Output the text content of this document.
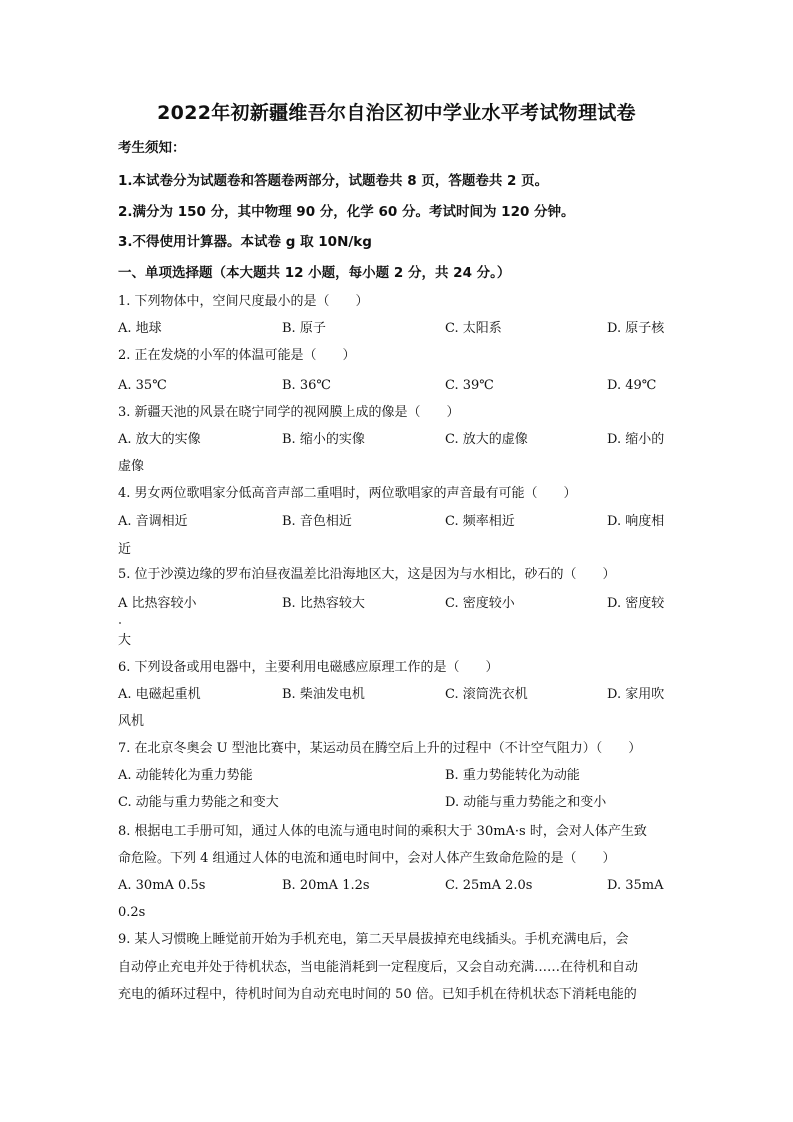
2022年初新疆维吾尔自治区初中学业水平考试物理试卷
考生须知：
1.本试卷分为试题卷和答题卷两部分，试题卷共 8 页，答题卷共 2 页。
2.满分为 150 分，其中物理 90 分，化学 60 分。考试时间为 120 分钟。
3.不得使用计算器。本试卷 g 取 10N/kg
一、单项选择题（本大题共 12 小题，每小题 2 分，共 24 分。）
1. 下列物体中，空间尺度最小的是（　　）
A. 地球	B. 原子	C. 太阳系	D. 原子核
2. 正在发烧的小军的体温可能是（　　）
A. 35℃	B. 36℃	C. 39℃	D. 49℃
3. 新疆天池的风景在晓宁同学的视网膜上成的像是（　　）
A. 放大的实像	B. 缩小的实像	C. 放大的虚像	D. 缩小的
虚像
4. 男女两位歌唱家分低高音声部二重唱时，两位歌唱家的声音最有可能（　　）
A. 音调相近	B. 音色相近	C. 频率相近	D. 响度相
近
5. 位于沙漠边缘的罗布泊昼夜温差比沿海地区大，这是因为与水相比，砂石的（　　）
A 比热容较小	B. 比热容较大	C. 密度较小	D. 密度较
大
6. 下列设备或用电器中，主要利用电磁感应原理工作的是（　　）
A. 电磁起重机	B. 柴油发电机	C. 滚筒洗衣机	D. 家用吹
风机
7. 在北京冬奥会 U 型池比赛中，某运动员在腾空后上升的过程中（不计空气阻力）（　　）
A. 动能转化为重力势能	B. 重力势能转化为动能
C. 动能与重力势能之和变大	D. 动能与重力势能之和变小
8. 根据电工手册可知，通过人体的电流与通电时间的乘积大于 30mA·s 时，会对人体产生致
命危险。下列 4 组通过人体的电流和通电时间中，会对人体产生致命危险的是（　　）
A. 30mA 0.5s	B. 20mA 1.2s	C. 25mA 2.0s	D. 35mA
0.2s
9. 某人习惯晚上睡觉前开始为手机充电，第二天早晨拔掉充电线插头。手机充满电后，会
自动停止充电并处于待机状态，当电能消耗到一定程度后，又会自动充满……在待机和自动
充电的循环过程中，待机时间为自动充电时间的 50 倍。已知手机在待机状态下消耗电能的
